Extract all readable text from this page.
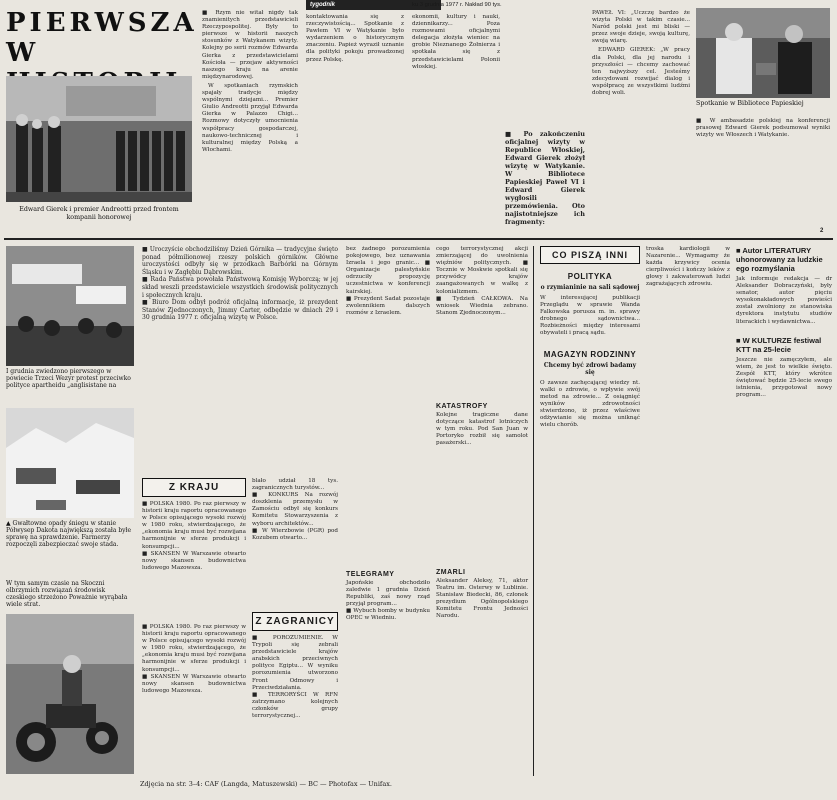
PIERWSZA
W
Edward Gierek i premier Andreotti przed frontem kompanii honorowej

■ Rzym nie witał nigdy tak znamienitych przedstawicieli Rzeczypospolitej. Były to pierwsze w historii naszych stosunków z Watykanem wizyty. Kolejny po serii rozmów Edwarda Gierka z przedstawicielami Kościoła — przejaw aktywności naszego kraju na arenie międzynarodowej.

W spotkaniach rzymskich spajały tradycje między wspólnymi dziejami... Premier Giulio Andreotti przyjął Edwarda Gierka w Palazzo Chigi... Rozmowy dotyczyły umocnienia współpracy gospodarczej, naukowo-technicznej i kulturalnej między Polską a Włochami.

tygodnik

kontaktowania się z rzeczywistością... Spotkanie z Pawłem VI w Watykanie było wydarzeniem o historycznym znaczeniu. Papież wyraził uznanie dla polityki pokoju prowadzonej przez Polskę.

ku 3 grudnia 1977 r. Nakład 90 tys.

ekonomii, kultury i nauki, dziennikarzy... Poza rozmowami oficjalnymi delegacja złożyła wieniec na grobie Nieznanego Żołnierza i spotkała się z przedstawicielami Polonii włoskiej.

■ Po zakończeniu oficjalnej wizyty w Republice Włoskiej, Edward Gierek złożył wizytę w Watykanie. W Bibliotece Papieskiej Paweł VI i Edward Gierek wygłosili przemówienia. Oto najistotniejsze ich fragmenty:

PAWEŁ VI: „Uczczę bardzo że wizyta Polski w takim czasie... Naród polski jest mi bliski — przez swoje dzieje, swoją kulturę, swoją wiarę.

EDWARD GIEREK: „W pracy dla Polski, dla jej narodu i przyszłości — chcemy zachować ten najwyższy cel. Jesteśmy zdecydowani rozwijać dialog i współpracę ze wszystkimi ludźmi dobrej woli.

Spotkanie w Bibliotece Papieskiej

■ W ambasadzie polskiej na konferencji prasowej Edward Gierek podsumował wyniki wizyty we Włoszech i Watykanie.

I grudnia zwiedzono pierwszego w powiecie Trzeci Wezyr protest przeciwko polityce apartheidu „anglisistane na
▲ Gwałtowne opady śniegu w stanie Półwysep Dakota największą została byłe sprawę na sprawdzenie. Farmerzy rozpoczęli zabezpieczać swoje stada.
W tym samym czasie na Skoczni olbrzymich rozwiązań środowisk czeskiego strzeżono Poważnie wyrąbała wiele strat.

■ Uroczyście obchodziliśmy Dzień Górnika — tradycyjne święto ponad półmilionowej rzeszy polskich górników. Główne uroczystości odbyły się w przodkach Barbórki na Górnym Śląsku i w Zagłębiu Dąbrowskim.
■ Rada Państwa powołała Państwową Komisję Wyborczą; w jej skład weszli przedstawiciele wszystkich środowisk politycznych i społecznych kraju.
■ Biuro Dom odbył podróż oficjalną informacje, iż prezydent Stanów Zjednoczonych, Jimmy Carter, odbędzie w dniach 29 i 30 grudnia 1977 r. oficjalną wizytę w Polsce.

bez żadnego porozumienia pokojowego, bez uznawania Izraela i jego granic... ■ Organizacje palestyńskie odrzuciły propozycję uczestnictwa w konferencji kairskiej.
■ Prezydent Sadat pozostaje zwolennikiem dalszych rozmów z Izraelem.

cego terrorystycznej akcji zmierzającej do uwolnienia więźniów politycznych. ■ Tocznie w Moskwie spotkali się przywódcy krajów zaangażowanych w walkę z kolonializmem.
■ Tydzień CAŁKOWA. Na wniosek Wiednia zebrano. Stanom Zjednoczonym...

KATASTROFY
Kolejne tragiczne dane dotyczące katastrof lotniczych w tym roku. Pod San Juan w Portoryko rozbił się samolot pasażerski...
ZMARLI
Aleksander Aleksy, 71, aktor Teatru im. Osterwy w Lublinie. Stanisław Biedecki, 86, członek prezydium Ogólnopolskiego Komitetu Frontu Jedności Narodu.
Z KRAJU
■ POLSKA 1980. Po raz pierwszy w historii kraju raportu opracowanego w Polsce opisującego wysoki rozwój w 1980 roku, stwierdzającego, że „ekonomia kraju musi być rozwijana harmonijnie w sferze produkcji i konsumpcji...
■ SKANSEN W Warszawie otwarto nowy skansen budownictwa ludowego Mazowsza.
blało udział 18 tys. zagranicznych turystów...
■ KONKURS Na rozwój doszklenia przemysłu w Zamościu odbył się konkurs Komitetu Stowarzyszenia z wyboru architektów...
■ W Wierzbowie (PGR) pod Kozubem otwarto...
Z ZAGRANICY
■ POROZUMIENIE. W Trypoli się zebrali przedstawiciele krajów arabskich przeciwnych polityce Egiptu... W wyniku porozumienia utworzono Front Odmowy i Przeciwdziałania.
■ TERRORYŚCI W RFN zatrzymano kolejnych członków grupy terrorystycznej...

■ POLSKA 1980. Po raz pierwszy w historii kraju raportu opracowanego w Polsce opisującego wysoki rozwój w 1980 roku, stwierdzającego, że „ekonomia kraju musi być rozwijana harmonijnie w sferze produkcji i konsumpcji...
■ SKANSEN W Warszawie otwarto nowy skansen budownictwa ludowego Mazowsza.

TELEGRAMY
Japońskie obchodziło zaledwie 1 grudnia Dzień Republiki, zaś nowy rząd przyjął program...
■ Wybuch bomby w budynku OPEC w Wiedniu.
CO PISZĄ INNI
POLITYKA
o rzymianinie na sali sądowej
W interesującej publikacji Przeglądu w sprawie Wanda Falkowska porusza m. in. sprawy drobnego sądownictwa... Rozbieżności między interesami obywateli i pracą sądu.
MAGAZYN RODZINNY
Chcemy być zdrowi badamy się
O zawsze zachęcającej wiedzy nt. walki o zdrowie, o wpływie swój metod na zdrowie... Z osiągnięć wyników zdrowotności stwierdzono, iż przez właściwe odżywianie się można uniknąć wielu chorób.

troska kardiologii w Nazarenie... Wymagamy że każda krzywicy ocenia cierpliwości i kończy leków z głowy i zakwaterowań ludzi zagrażających zdrowiu.

■ Autor LITERATURY uhonorowany za ludzkie ego rozmyślania
Jak informuje redakcja — dr Aleksander Dobraczyński, były senator, autor pięciu wysokonakładowych powieści został zwolniony ze stanowiska dyrektora instytutu studiów literackich i wydawnictwa...
■ W KULTURZE festiwal KTT na 25-lecie
Jeszcze nie zamęczyłem, ale wiem, że jest to wielkie święto. Zespół KTT, który wkrótce świętować będzie 25-lecie swego istnienia, przygotował nowy program...
Zdjęcia na str. 3–4: CAF (Langda, Matuszewski) — BC — Photofax — Unifax.
2
